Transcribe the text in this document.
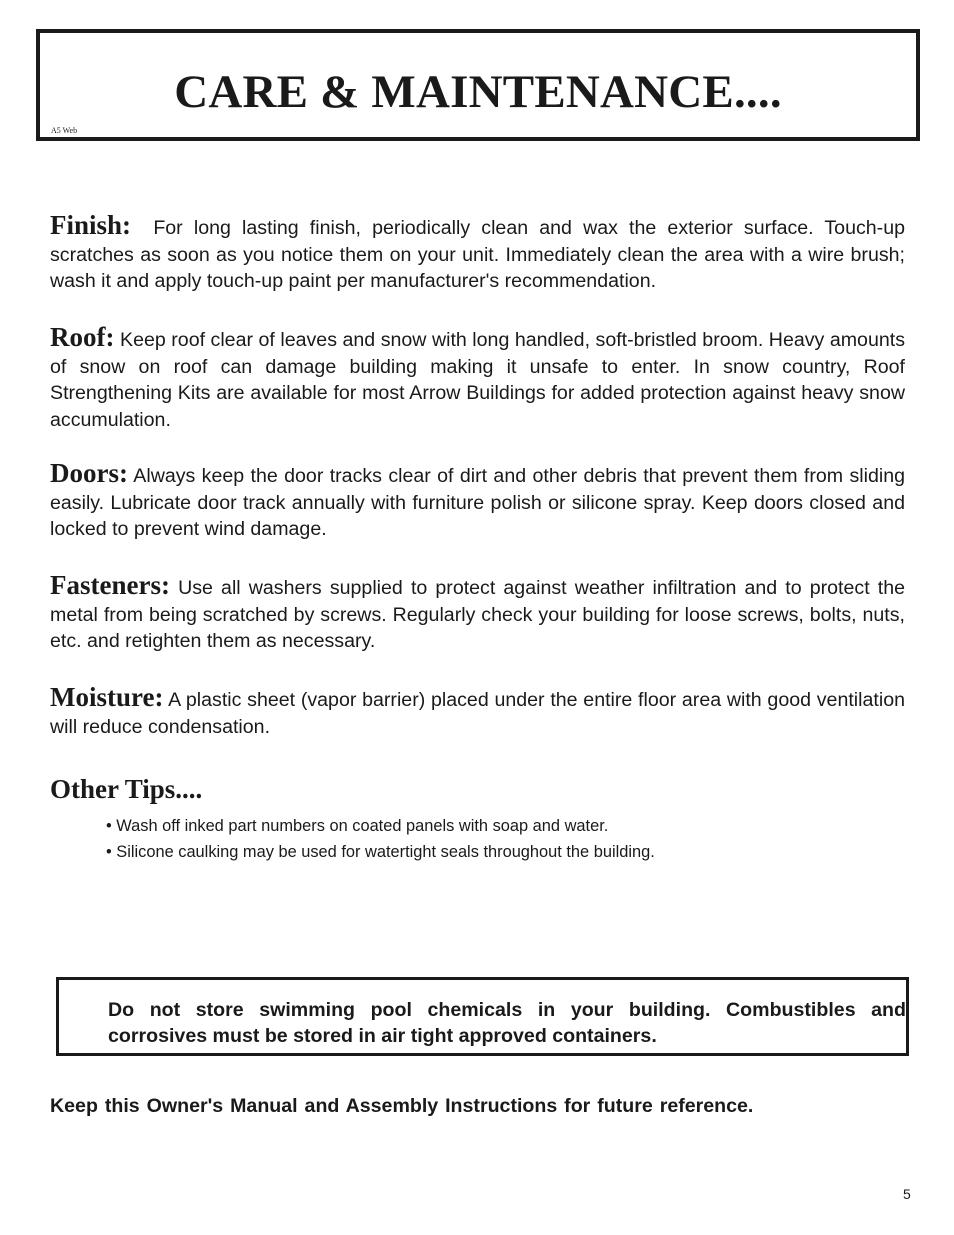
CARE & MAINTENANCE....
A5 Web
Finish: For long lasting finish, periodically clean and wax the exterior surface. Touch-up scratches as soon as you notice them on your unit. Immediately clean the area with a wire brush; wash it and apply touch-up paint per manufacturer's recommendation.
Roof: Keep roof clear of leaves and snow with long handled, soft-bristled broom. Heavy amounts of snow on roof can damage building making it unsafe to enter. In snow country, Roof Strengthening Kits are available for most Arrow Buildings for added protection against heavy snow accumulation.
Doors: Always keep the door tracks clear of dirt and other debris that prevent them from sliding easily. Lubricate door track annually with furniture polish or silicone spray. Keep doors closed and locked to prevent wind damage.
Fasteners: Use all washers supplied to protect against weather infiltration and to protect the metal from being scratched by screws. Regularly check your building for loose screws, bolts, nuts, etc. and retighten them as necessary.
Moisture: A plastic sheet (vapor barrier) placed under the entire floor area with good ventilation will reduce condensation.
Other Tips....
• Wash off inked part numbers on coated panels with soap and water.
• Silicone caulking may be used for watertight seals throughout the building.
Do not store swimming pool chemicals in your building. Combustibles and corrosives must be stored in air tight approved containers.
Keep this Owner's Manual and Assembly Instructions for future reference.
5
